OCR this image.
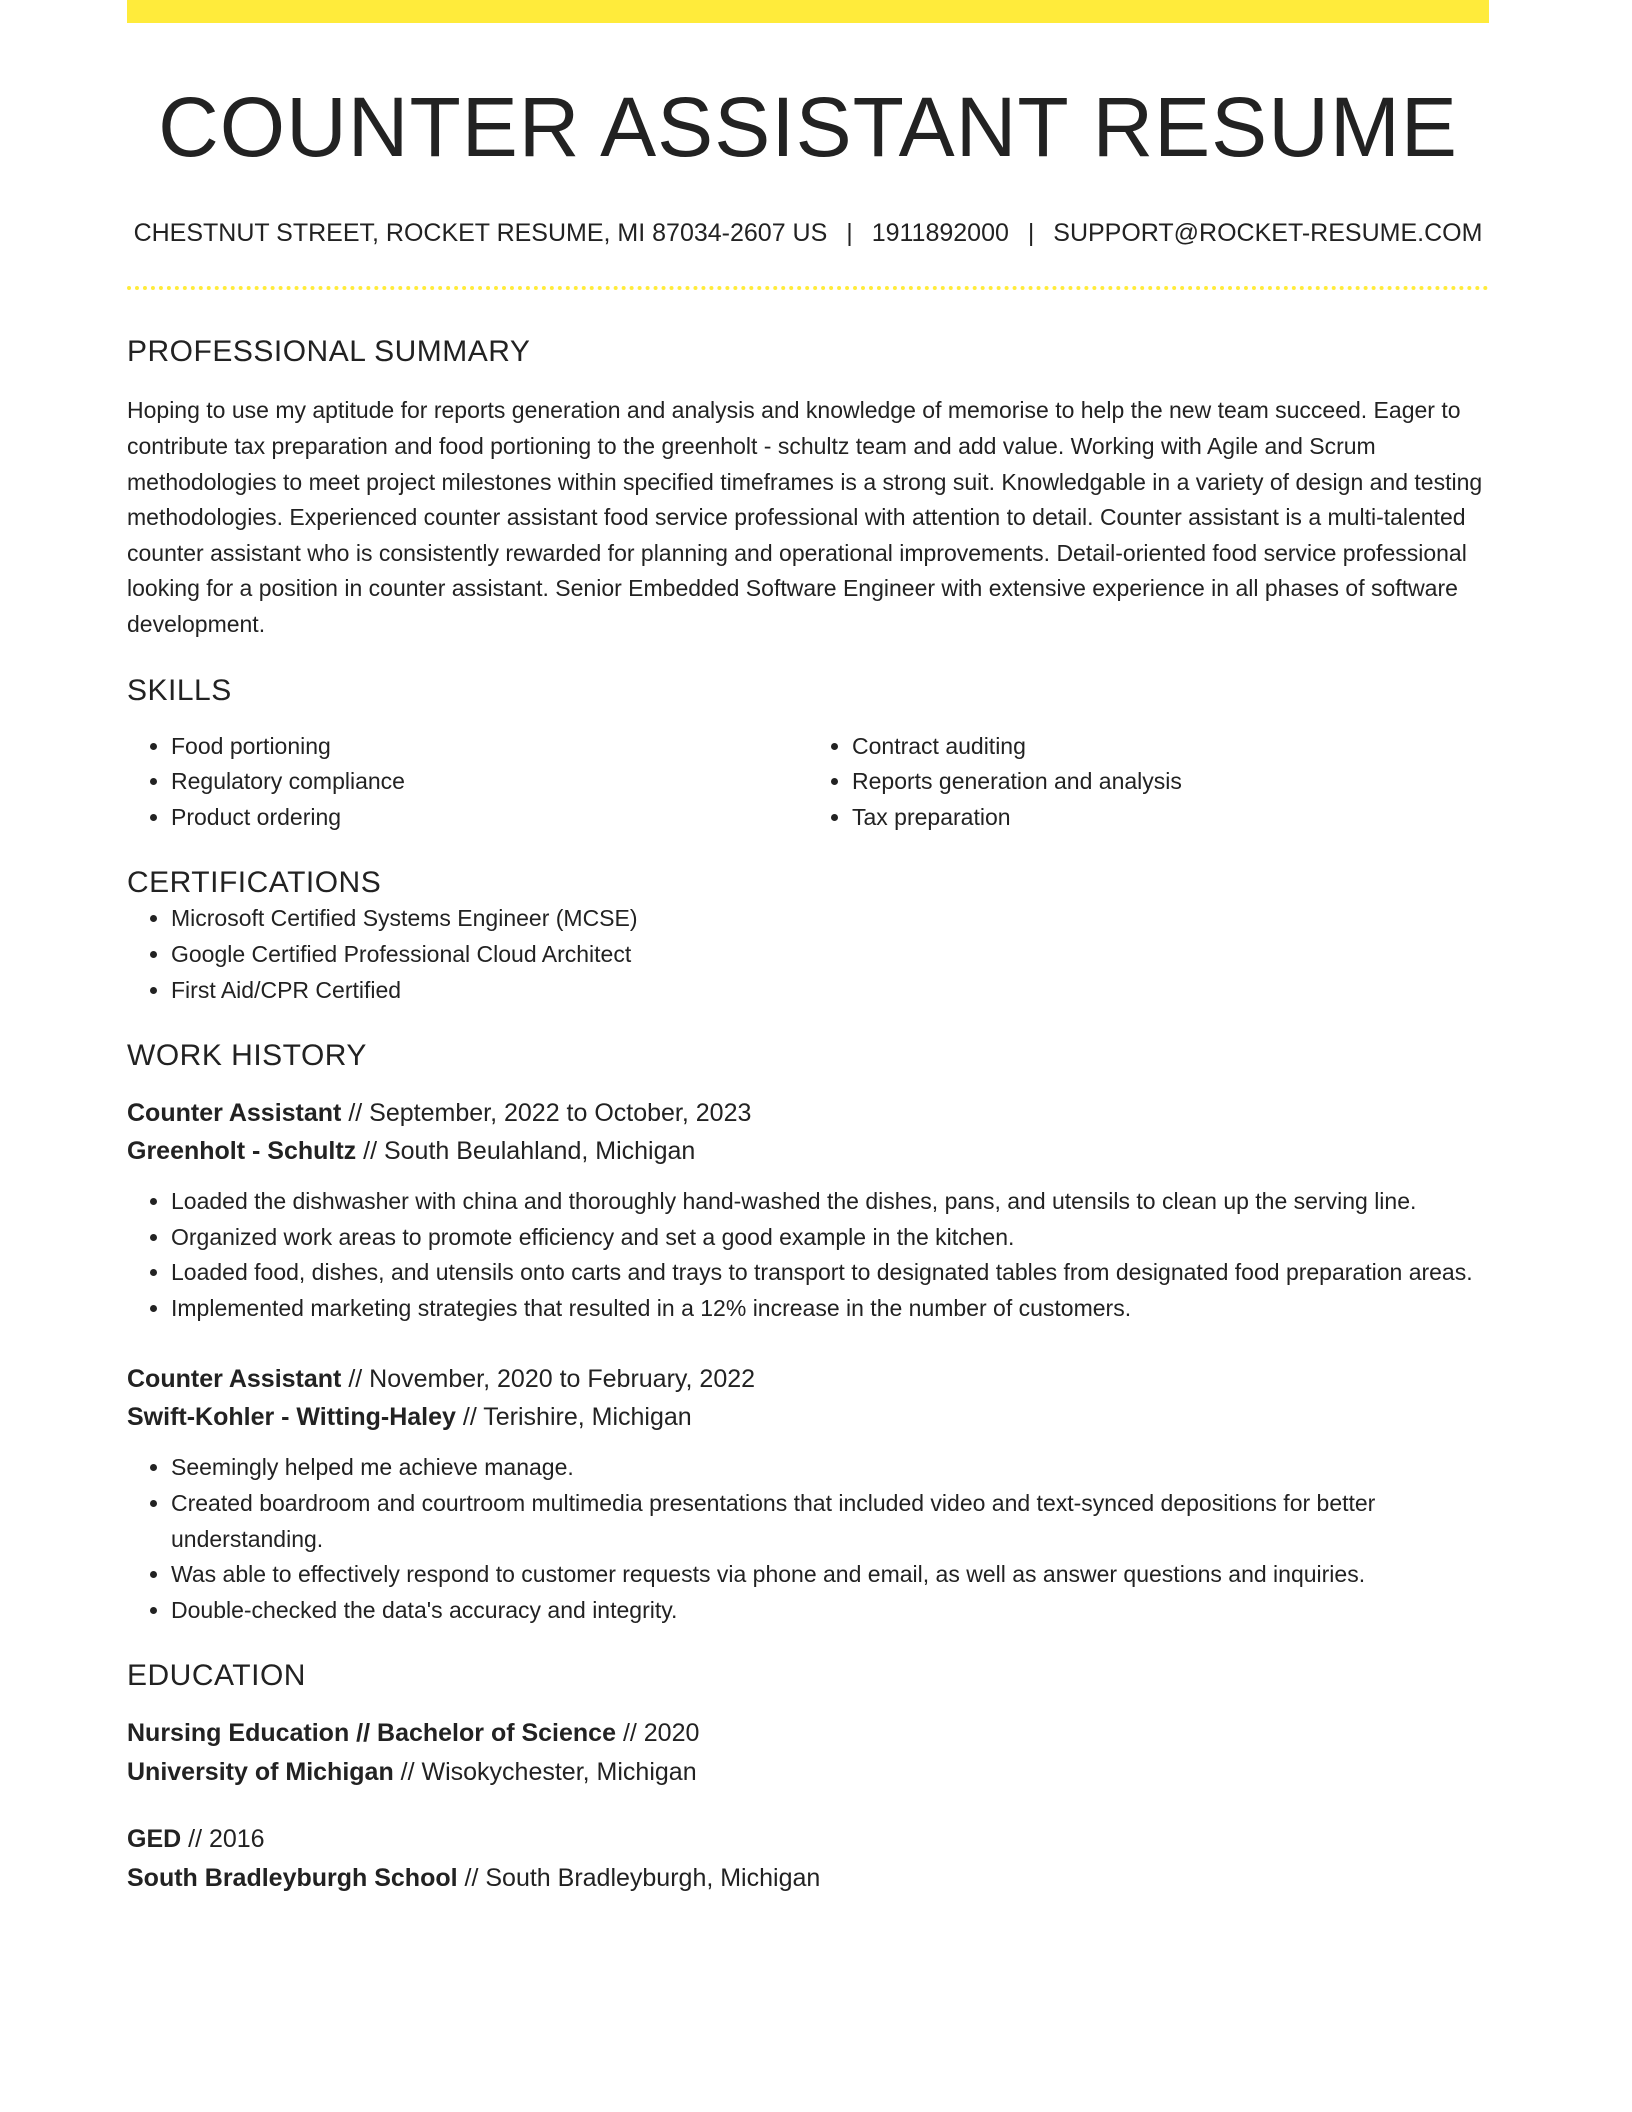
COUNTER ASSISTANT RESUME
CHESTNUT STREET, ROCKET RESUME, MI 87034-2607 US | 1911892000 | SUPPORT@ROCKET-RESUME.COM
PROFESSIONAL SUMMARY

Hoping to use my aptitude for reports generation and analysis and knowledge of memorise to help the new team succeed. Eager to contribute tax preparation and food portioning to the greenholt - schultz team and add value. Working with Agile and Scrum methodologies to meet project milestones within specified timeframes is a strong suit. Knowledgable in a variety of design and testing methodologies. Experienced counter assistant food service professional with attention to detail. Counter assistant is a multi-talented counter assistant who is consistently rewarded for planning and operational improvements. Detail-oriented food service professional looking for a position in counter assistant. Senior Embedded Software Engineer with extensive experience in all phases of software development.

SKILLS
• Food portioning
• Regulatory compliance
• Product ordering
• Contract auditing
• Reports generation and analysis
• Tax preparation
CERTIFICATIONS
• Microsoft Certified Systems Engineer (MCSE)
• Google Certified Professional Cloud Architect
• First Aid/CPR Certified
WORK HISTORY
Counter Assistant // September, 2022 to October, 2023
Greenholt - Schultz // South Beulahland, Michigan
• Loaded the dishwasher with china and thoroughly hand-washed the dishes, pans, and utensils to clean up the serving line.
• Organized work areas to promote efficiency and set a good example in the kitchen.
• Loaded food, dishes, and utensils onto carts and trays to transport to designated tables from designated food preparation areas.
• Implemented marketing strategies that resulted in a 12% increase in the number of customers.
Counter Assistant // November, 2020 to February, 2022
Swift-Kohler - Witting-Haley // Terishire, Michigan
• Seemingly helped me achieve manage.
• Created boardroom and courtroom multimedia presentations that included video and text-synced depositions for better understanding.
• Was able to effectively respond to customer requests via phone and email, as well as answer questions and inquiries.
• Double-checked the data's accuracy and integrity.
EDUCATION
Nursing Education // Bachelor of Science // 2020
University of Michigan // Wisokychester, Michigan
GED // 2016
South Bradleyburgh School // South Bradleyburgh, Michigan
